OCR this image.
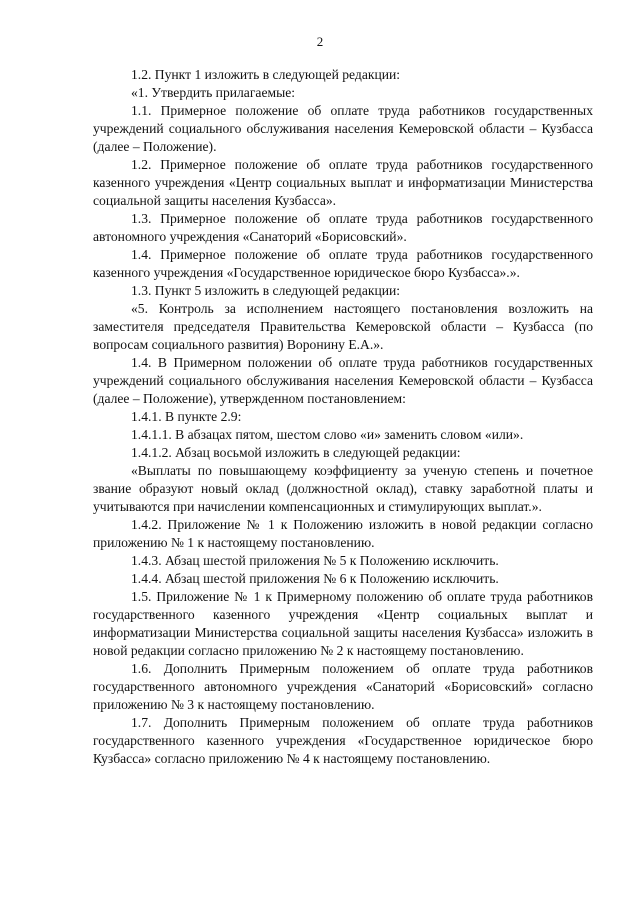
2

1.2. Пункт 1 изложить в следующей редакции:

«1. Утвердить прилагаемые:

1.1. Примерное положение об оплате труда работников государственных учреждений социального обслуживания населения Кемеровской области – Кузбасса (далее – Положение).

1.2. Примерное положение об оплате труда работников государственного казенного учреждения «Центр социальных выплат и информатизации Министерства социальной защиты населения Кузбасса».

1.3. Примерное положение об оплате труда работников государственного автономного учреждения «Санаторий «Борисовский».

1.4. Примерное положение об оплате труда работников государственного казенного учреждения «Государственное юридическое бюро Кузбасса».».

1.3. Пункт 5 изложить в следующей редакции:

«5. Контроль за исполнением настоящего постановления возложить на заместителя председателя Правительства Кемеровской области – Кузбасса (по вопросам социального развития) Воронину Е.А.».

1.4. В Примерном положении об оплате труда работников государственных учреждений социального обслуживания населения Кемеровской области – Кузбасса (далее – Положение), утвержденном постановлением:

1.4.1. В пункте 2.9:

1.4.1.1. В абзацах пятом, шестом слово «и» заменить словом «или».

1.4.1.2. Абзац восьмой изложить в следующей редакции:

«Выплаты по повышающему коэффициенту за ученую степень и почетное звание образуют новый оклад (должностной оклад), ставку заработной платы и учитываются при начислении компенсационных и стимулирующих выплат.».

1.4.2. Приложение № 1 к Положению изложить в новой редакции согласно приложению № 1 к настоящему постановлению.

1.4.3. Абзац шестой приложения № 5 к Положению исключить.

1.4.4. Абзац шестой приложения № 6 к Положению исключить.

1.5. Приложение № 1 к Примерному положению об оплате труда работников государственного казенного учреждения «Центр социальных выплат и информатизации Министерства социальной защиты населения Кузбасса» изложить в новой редакции согласно приложению № 2 к настоящему постановлению.

1.6. Дополнить Примерным положением об оплате труда работников государственного автономного учреждения «Санаторий «Борисовский» согласно приложению № 3 к настоящему постановлению.

1.7. Дополнить Примерным положением об оплате труда работников государственного казенного учреждения «Государственное юридическое бюро Кузбасса» согласно приложению № 4 к настоящему постановлению.
